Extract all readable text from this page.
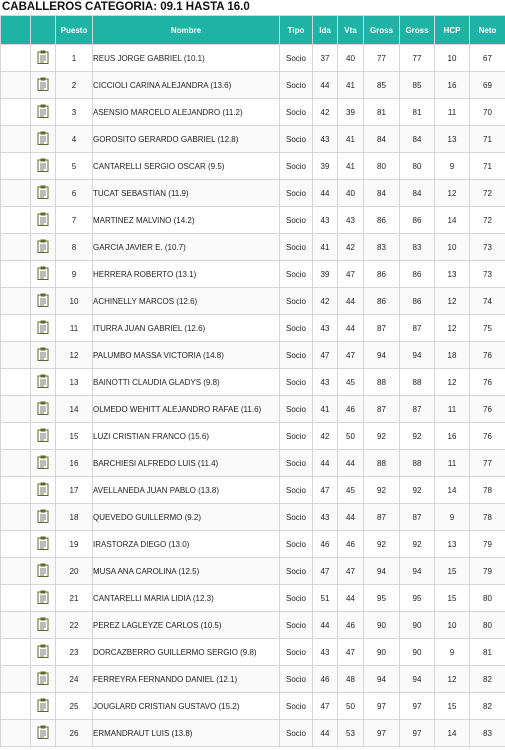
CABALLEROS CATEGORIA: 09.1 HASTA 16.0
		Puesto	Nombre	Tipo	Ida	Vta	Gross	Gross	HCP	Neto
		1	REUS JORGE GABRIEL (10.1)	Socio	37	40	77	77	10	67
		2	CICCIOLI CARINA ALEJANDRA (13.6)	Socio	44	41	85	85	16	69
		3	ASENSIO MARCELO ALEJANDRO (11.2)	Socio	42	39	81	81	11	70
		4	GOROSITO GERARDO GABRIEL (12.8)	Socio	43	41	84	84	13	71
		5	CANTARELLI SERGIO OSCAR (9.5)	Socio	39	41	80	80	9	71
		6	TUCAT SEBASTIAN (11.9)	Socio	44	40	84	84	12	72
		7	MARTINEZ MALVINO (14.2)	Socio	43	43	86	86	14	72
		8	GARCIA JAVIER E. (10.7)	Socio	41	42	83	83	10	73
		9	HERRERA ROBERTO (13.1)	Socio	39	47	86	86	13	73
		10	ACHINELLY MARCOS (12.6)	Socio	42	44	86	86	12	74
		11	ITURRA JUAN GABRIEL (12.6)	Socio	43	44	87	87	12	75
		12	PALUMBO MASSA VICTORIA (14.8)	Socio	47	47	94	94	18	76
		13	BAINOTTI CLAUDIA GLADYS (9.8)	Socio	43	45	88	88	12	76
		14	OLMEDO WEHITT ALEJANDRO RAFAE (11.6)	Socio	41	46	87	87	11	76
		15	LUZI CRISTIAN FRANCO (15.6)	Socio	42	50	92	92	16	76
		16	BARCHIESI ALFREDO LUIS (11.4)	Socio	44	44	88	88	11	77
		17	AVELLANEDA JUAN PABLO (13.8)	Socio	47	45	92	92	14	78
		18	QUEVEDO GUILLERMO (9.2)	Socio	43	44	87	87	9	78
		19	IRASTORZA DIEGO (13.0)	Socio	46	46	92	92	13	79
		20	MUSA ANA CAROLINA (12.5)	Socio	47	47	94	94	15	79
		21	CANTARELLI MARIA LIDIA (12.3)	Socio	51	44	95	95	15	80
		22	PEREZ LAGLEYZE CARLOS (10.5)	Socio	44	46	90	90	10	80
		23	DORCAZBERRO GUILLERMO SERGIO (9.8)	Socio	43	47	90	90	9	81
		24	FERREYRA FERNANDO DANIEL (12.1)	Socio	46	48	94	94	12	82
		25	JOUGLARD CRISTIAN GUSTAVO (15.2)	Socio	47	50	97	97	15	82
		26	ERMANDRAUT LUIS (13.8)	Socio	44	53	97	97	14	83
